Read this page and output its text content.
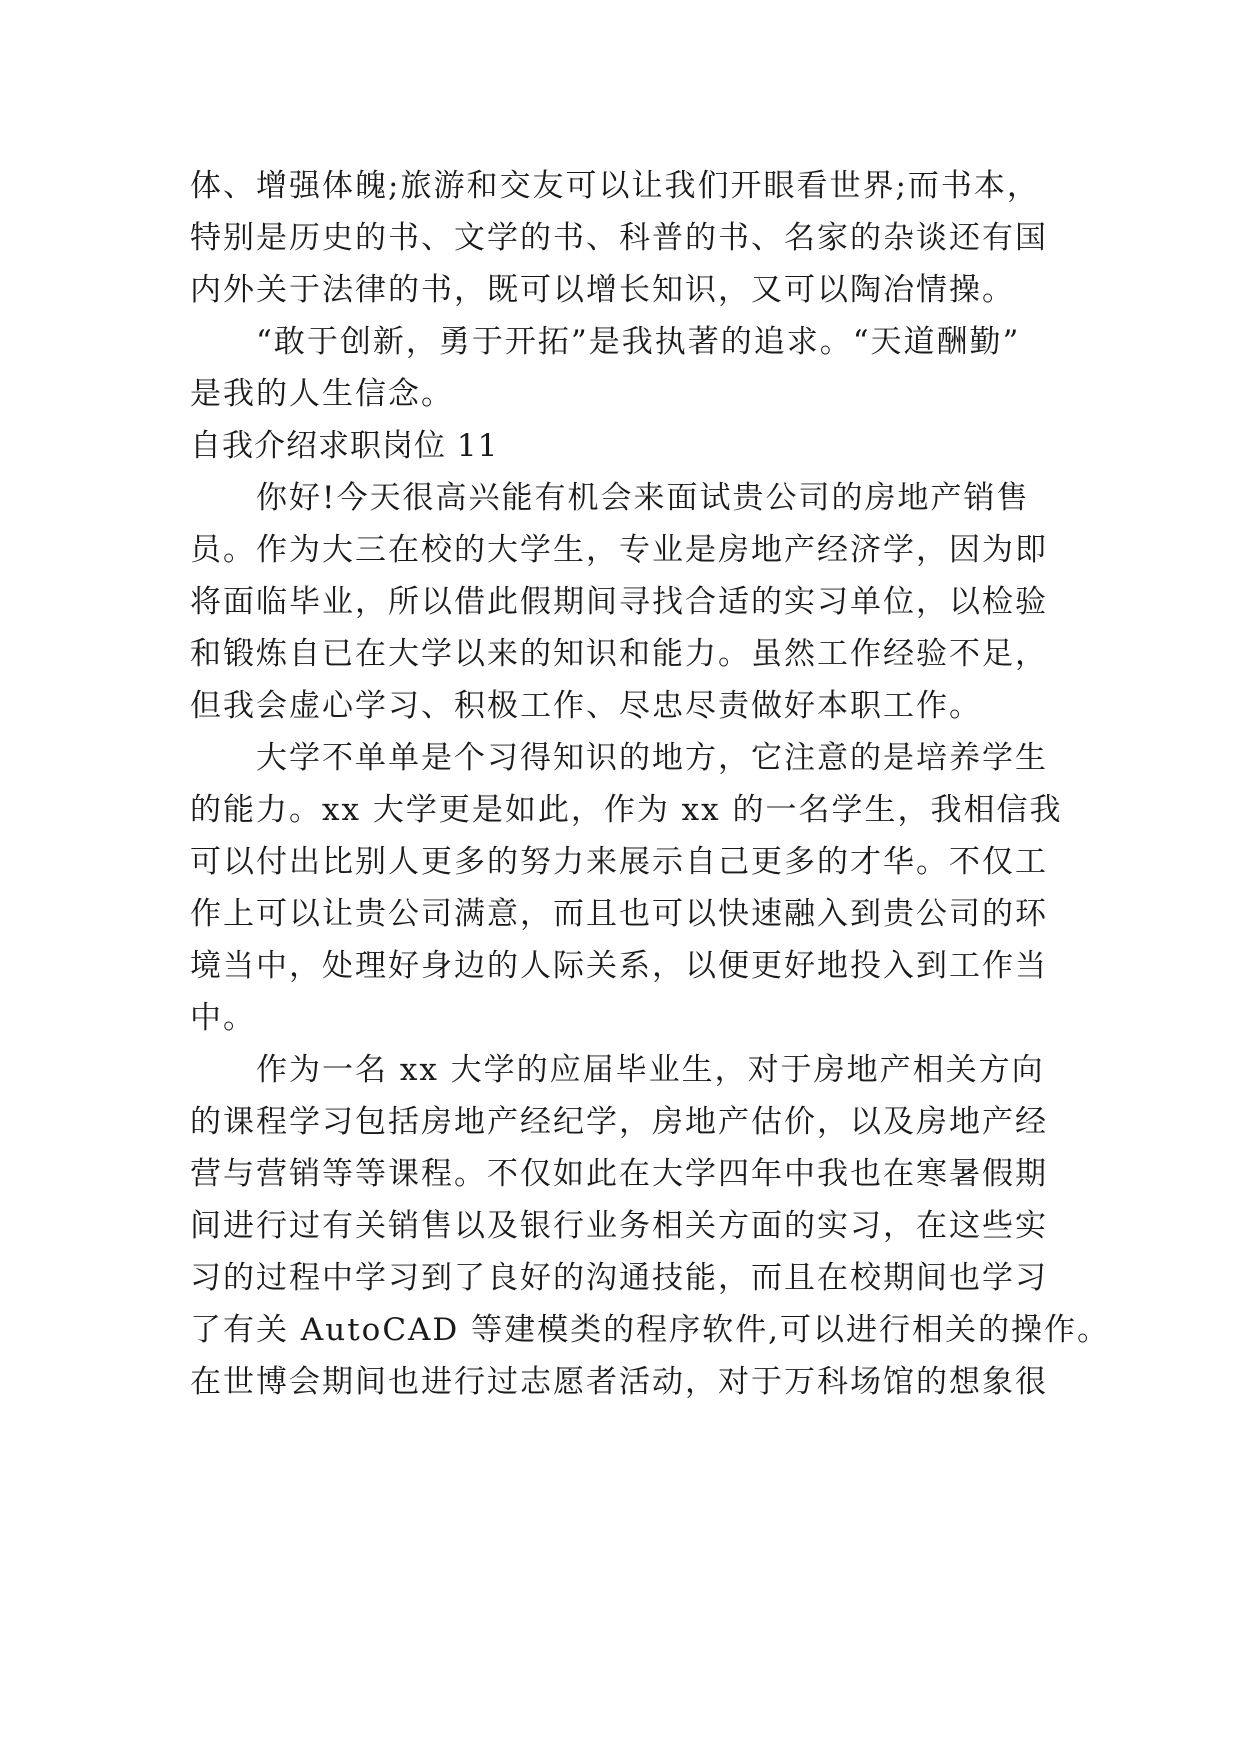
体、增强体魄;旅游和交友可以让我们开眼看世界;而书本，
特别是历史的书、文学的书、科普的书、名家的杂谈还有国
内外关于法律的书，既可以增长知识，又可以陶冶情操。
“敢于创新，勇于开拓”是我执著的追求。“天道酬勤”
是我的人生信念。
自我介绍求职岗位 11
你好!今天很高兴能有机会来面试贵公司的房地产销售
员。作为大三在校的大学生，专业是房地产经济学，因为即
将面临毕业，所以借此假期间寻找合适的实习单位，以检验
和锻炼自已在大学以来的知识和能力。虽然工作经验不足，
但我会虚心学习、积极工作、尽忠尽责做好本职工作。
大学不单单是个习得知识的地方，它注意的是培养学生
的能力。xx 大学更是如此，作为 xx 的一名学生，我相信我
可以付出比别人更多的努力来展示自己更多的才华。不仅工
作上可以让贵公司满意，而且也可以快速融入到贵公司的环
境当中，处理好身边的人际关系，以便更好地投入到工作当
中。
作为一名 xx 大学的应届毕业生，对于房地产相关方向
的课程学习包括房地产经纪学，房地产估价，以及房地产经
营与营销等等课程。不仅如此在大学四年中我也在寒暑假期
间进行过有关销售以及银行业务相关方面的实习，在这些实
习的过程中学习到了良好的沟通技能，而且在校期间也学习
了有关 AutoCAD 等建模类的程序软件,可以进行相关的操作。
在世博会期间也进行过志愿者活动，对于万科场馆的想象很
